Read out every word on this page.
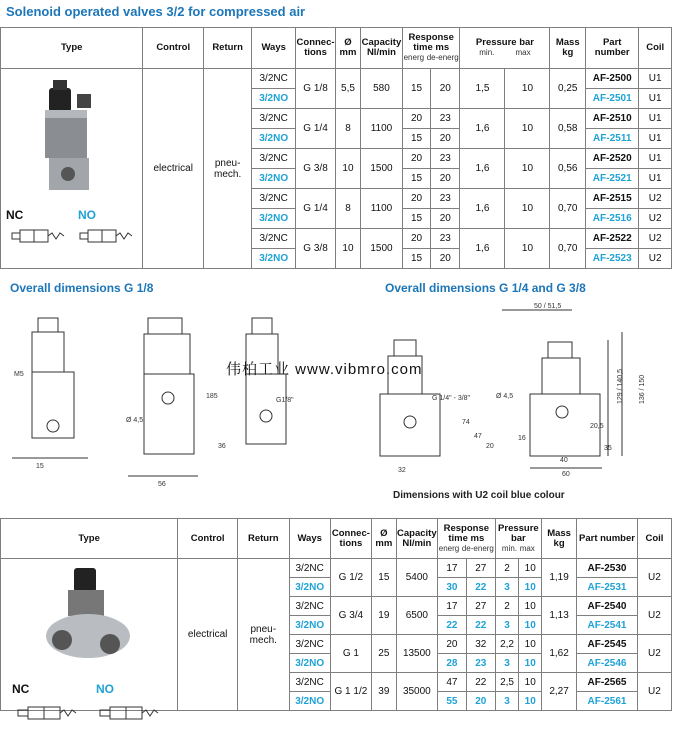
Solenoid operated valves 3/2 for compressed air
Type	Control	Return	Ways	Connec-tions	Ø mm	Capacity Nl/min	Response time ms
energ de-energ		Pressure bar
min. max		Mass kg	Part number	Coil
	electrical	pneu-mech.	3/2NC	G 1/8	5,5	580	15	20	1,5	10	0,25	AF-2500	U1
			3/2NO									AF-2501	U1
			3/2NC	G 1/4	8	1100	20	23	1,6	10	0,58	AF-2510	U1
			3/2NO				15	20				AF-2511	U1
			3/2NC	G 3/8	10	1500	20	23	1,6	10	0,56	AF-2520	U1
			3/2NO				15	20				AF-2521	U1
			3/2NC	G 1/4	8	1100	20	23	1,6	10	0,70	AF-2515	U2
			3/2NO				15	20				AF-2516	U2
			3/2NC	G 3/8	10	1500	20	23	1,6	10	0,70	AF-2522	U2
			3/2NO				15	20				AF-2523	U2
NC	NO
Overall dimensions G 1/8	Overall dimensions G 1/4 and G 3/8
M5
G1/8"
56
15
Ø 4,5
185
36
伟柏工业 www.vibmro.com
50 / 51,5
129 / 140,5 136 / 150
G 1/4" - 3/8"	Ø 4,5
32
40
60
74
47
20
16
35
20,5
Dimensions with U2 coil blue colour
Type	Control	Return	Ways	Connec-tions	Ø mm	Capacity Nl/min	Response time ms
energ de-energ		Pressure bar
min. max		Mass kg	Part number	Coil
	electrical	pneu-mech.	3/2NC	G 1/2	15	5400	17	27	2	10	1,19	AF-2530	U2
			3/2NO				30	22	3	10		AF-2531	
			3/2NC	G 3/4	19	6500	17	27	2	10	1,13	AF-2540	U2
			3/2NO				22	22	3	10		AF-2541	
			3/2NC	G 1	25	13500	20	32	2,2	10	1,62	AF-2545	U2
			3/2NO				28	23	3	10		AF-2546	
			3/2NC	G 1 1/2	39	35000	47	22	2,5	10	2,27	AF-2565	U2
			3/2NO				55	20	3	10		AF-2561	
NC	NO
